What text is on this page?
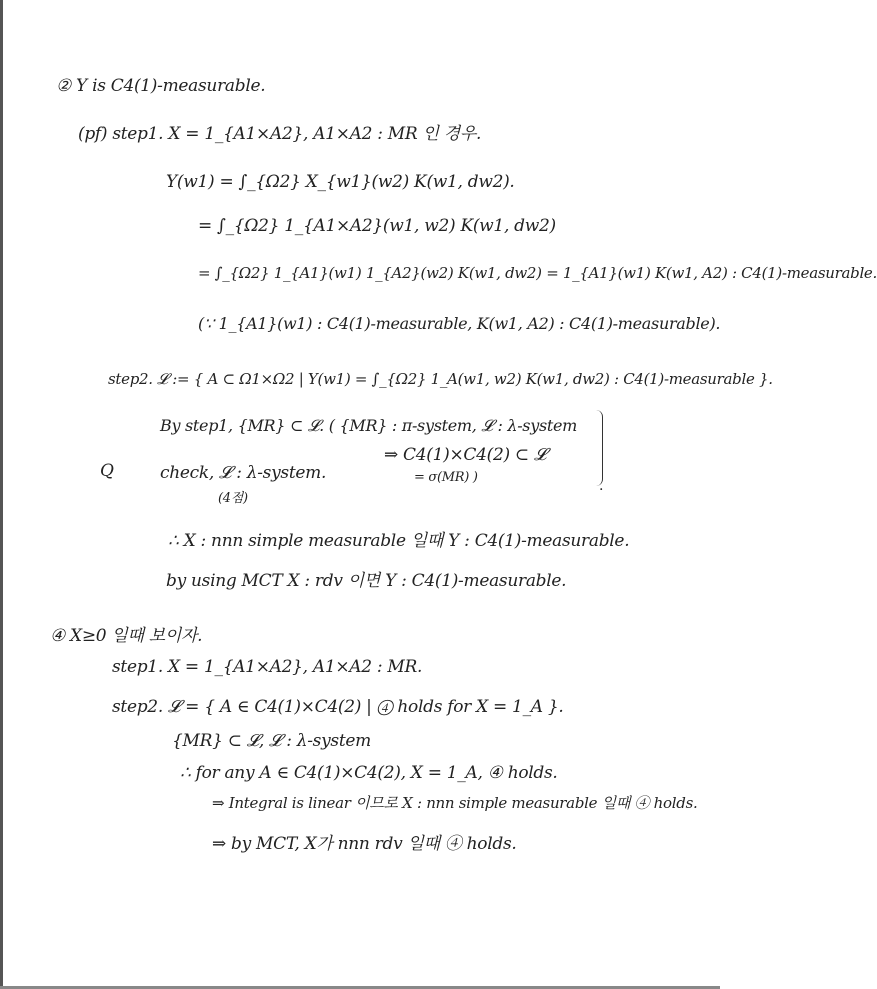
② Y is C4(1)-measurable.
(pf) step1. X = 1_{A1×A2}, A1×A2 : MR 인 경우.
Y(w1) = ∫_{Ω2} X_{w1}(w2) K(w1, dw2).
= ∫_{Ω2} 1_{A1×A2}(w1, w2) K(w1, dw2)
= ∫_{Ω2} 1_{A1}(w1) 1_{A2}(w2) K(w1, dw2) = 1_{A1}(w1) K(w1, A2) : C4(1)-measurable.
(∵ 1_{A1}(w1) : C4(1)-measurable, K(w1, A2) : C4(1)-measurable).
step2. 𝓛 := { A ⊂ Ω1×Ω2 | Y(w1) = ∫_{Ω2} 1_A(w1, w2) K(w1, dw2) : C4(1)-measurable }.
By step1, {MR} ⊂ 𝓛. ( {MR} : π-system, 𝓛 : λ-system
⇒ C4(1)×C4(2) ⊂ 𝓛
= σ(MR) )
.
Q	check, 𝓛 : λ-system.
(4점)
∴ X : nnn simple measurable 일때 Y : C4(1)-measurable.
by using MCT X : rdv 이면 Y : C4(1)-measurable.
④ X≥0 일때 보이자.
step1. X = 1_{A1×A2}, A1×A2 : MR.
step2. 𝓛 = { A ∈ C4(1)×C4(2) | ④ holds for X = 1_A }.
{MR} ⊂ 𝓛, 𝓛 : λ-system
∴ for any A ∈ C4(1)×C4(2), X = 1_A, ④ holds.
⇒ Integral is linear 이므로 X : nnn simple measurable 일때 ④ holds.
⇒ by MCT, X가 nnn rdv 일때 ④ holds.
